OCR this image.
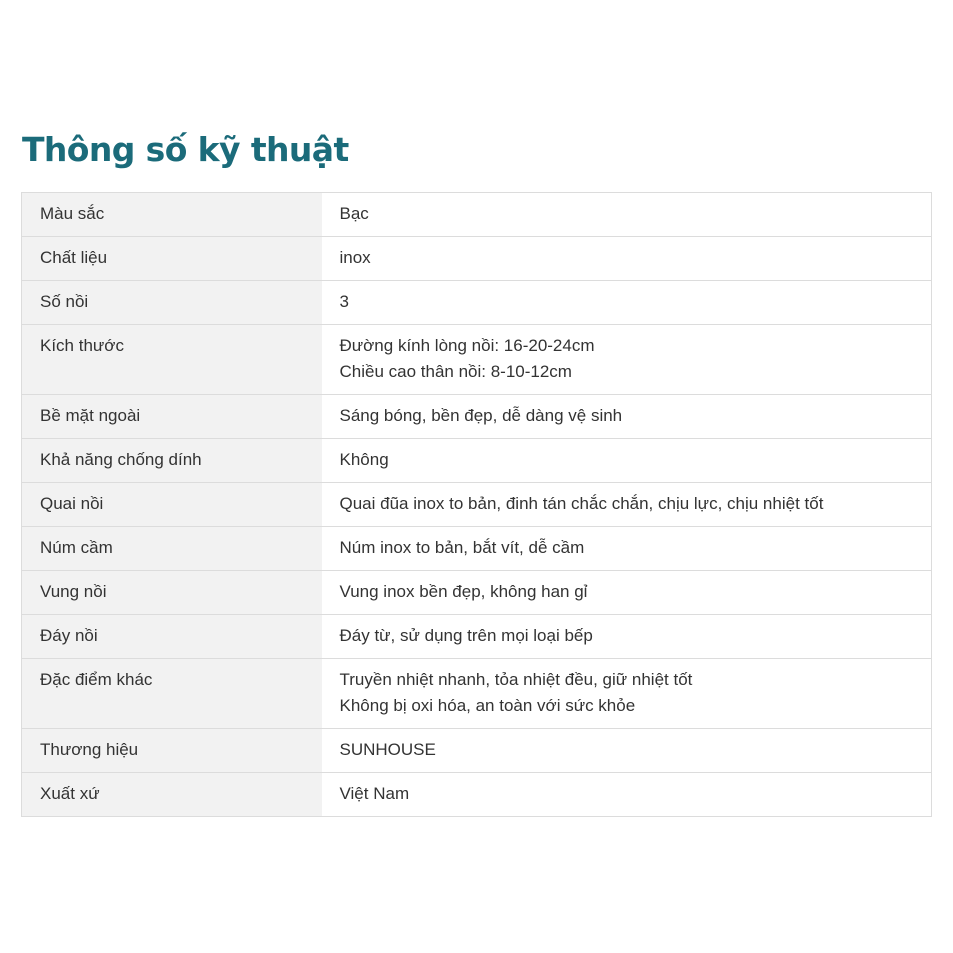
Thông số kỹ thuật
Màu sắc	Bạc

Chất liệu	inox

Số nồi	3

Kích thước	Đường kính lòng nồi: 16-20-24cm
Chiều cao thân nồi: 8-10-12cm

Bề mặt ngoài	Sáng bóng, bền đẹp, dễ dàng vệ sinh

Khả năng chống dính	Không

Quai nồi	Quai đũa inox to bản, đinh tán chắc chắn, chịu lực, chịu nhiệt tốt

Núm cầm	Núm inox to bản, bắt vít, dễ cầm

Vung nồi	Vung inox bền đẹp, không han gỉ

Đáy nồi	Đáy từ, sử dụng trên mọi loại bếp

Đặc điểm khác	Truyền nhiệt nhanh, tỏa nhiệt đều, giữ nhiệt tốt
Không bị oxi hóa, an toàn với sức khỏe

Thương hiệu	SUNHOUSE

Xuất xứ	Việt Nam
